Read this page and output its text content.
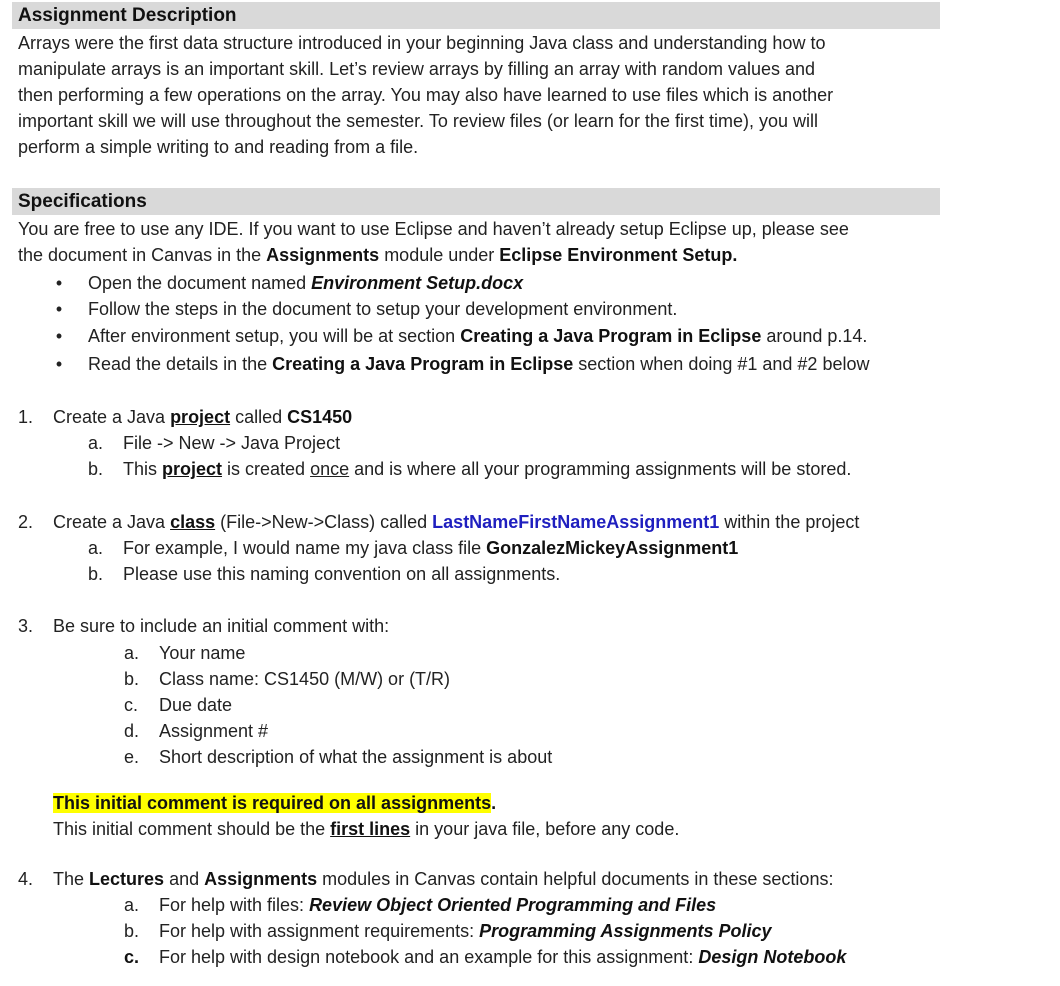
Assignment Description
Arrays were the first data structure introduced in your beginning Java class and understanding how to
manipulate arrays is an important skill. Let’s review arrays by filling an array with random values and
then performing a few operations on the array. You may also have learned to use files which is another
important skill we will use throughout the semester. To review files (or learn for the first time), you will
perform a simple writing to and reading from a file.
Specifications
You are free to use any IDE. If you want to use Eclipse and haven’t already setup Eclipse up, please see
the document in Canvas in the Assignments module under Eclipse Environment Setup.
• Open the document named Environment Setup.docx
• Follow the steps in the document to setup your development environment.
• After environment setup, you will be at section Creating a Java Program in Eclipse around p.14.
• Read the details in the Creating a Java Program in Eclipse section when doing #1 and #2 below
1. Create a Java project called CS1450
a. File -> New -> Java Project
b. This project is created once and is where all your programming assignments will be stored.
2. Create a Java class (File->New->Class) called LastNameFirstNameAssignment1 within the project
a. For example, I would name my java class file GonzalezMickeyAssignment1
b. Please use this naming convention on all assignments.
3. Be sure to include an initial comment with:
a. Your name
b. Class name: CS1450 (M/W) or (T/R)
c. Due date
d. Assignment #
e. Short description of what the assignment is about
This initial comment is required on all assignments.
This initial comment should be the first lines in your java file, before any code.
4. The Lectures and Assignments modules in Canvas contain helpful documents in these sections:
a. For help with files: Review Object Oriented Programming and Files
b. For help with assignment requirements: Programming Assignments Policy
c. For help with design notebook and an example for this assignment: Design Notebook
